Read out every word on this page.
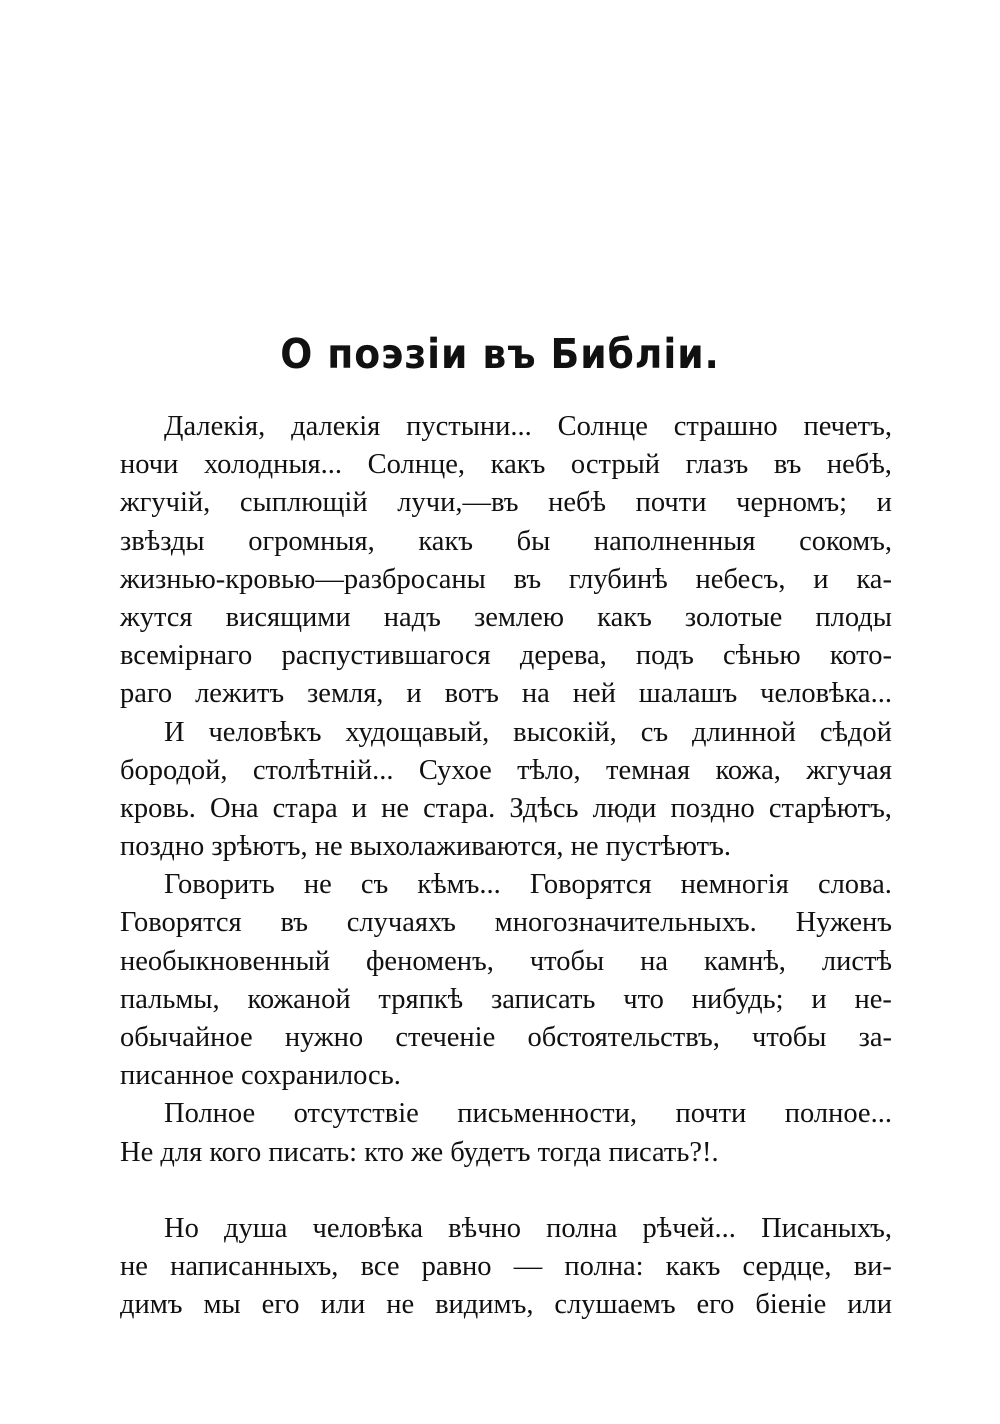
О поэзіи въ Библіи.
Далекія, далекія пустыни... Солнце страшно печетъ,
ночи холодныя... Солнце, какъ острый глазъ въ небѣ,
жгучій, сыплющій лучи,—въ небѣ почти черномъ; и
звѣзды огромныя, какъ бы наполненныя сокомъ,
жизнью-кровью—разбросаны въ глубинѣ небесъ, и ка-
жутся висящими надъ землею какъ золотые плоды
всемірнаго распустившагося дерева, подъ сѣнью кото-
раго лежитъ земля, и вотъ на ней шалашъ человѣка...
И человѣкъ худощавый, высокій, съ длинной сѣдой
бородой, столѣтній... Сухое тѣло, темная кожа, жгучая
кровь. Она стара и не стара. Здѣсь люди поздно старѣютъ,
поздно зрѣютъ, не выхолаживаются, не пустѣютъ.
Говорить не съ кѣмъ... Говорятся немногія слова.
Говорятся въ случаяхъ многозначительныхъ. Нуженъ
необыкновенный феноменъ, чтобы на камнѣ, листѣ
пальмы, кожаной тряпкѣ записать что нибудь; и не-
обычайное нужно стеченіе обстоятельствъ, чтобы за-
писанное сохранилось.
Полное отсутствіе письменности, почти полное...
Не для кого писать: кто же будетъ тогда писать?!.
Но душа человѣка вѣчно полна рѣчей... Писаныхъ,
не написанныхъ, все равно — полна: какъ сердце, ви-
димъ мы его или не видимъ, слушаемъ его біеніе или
